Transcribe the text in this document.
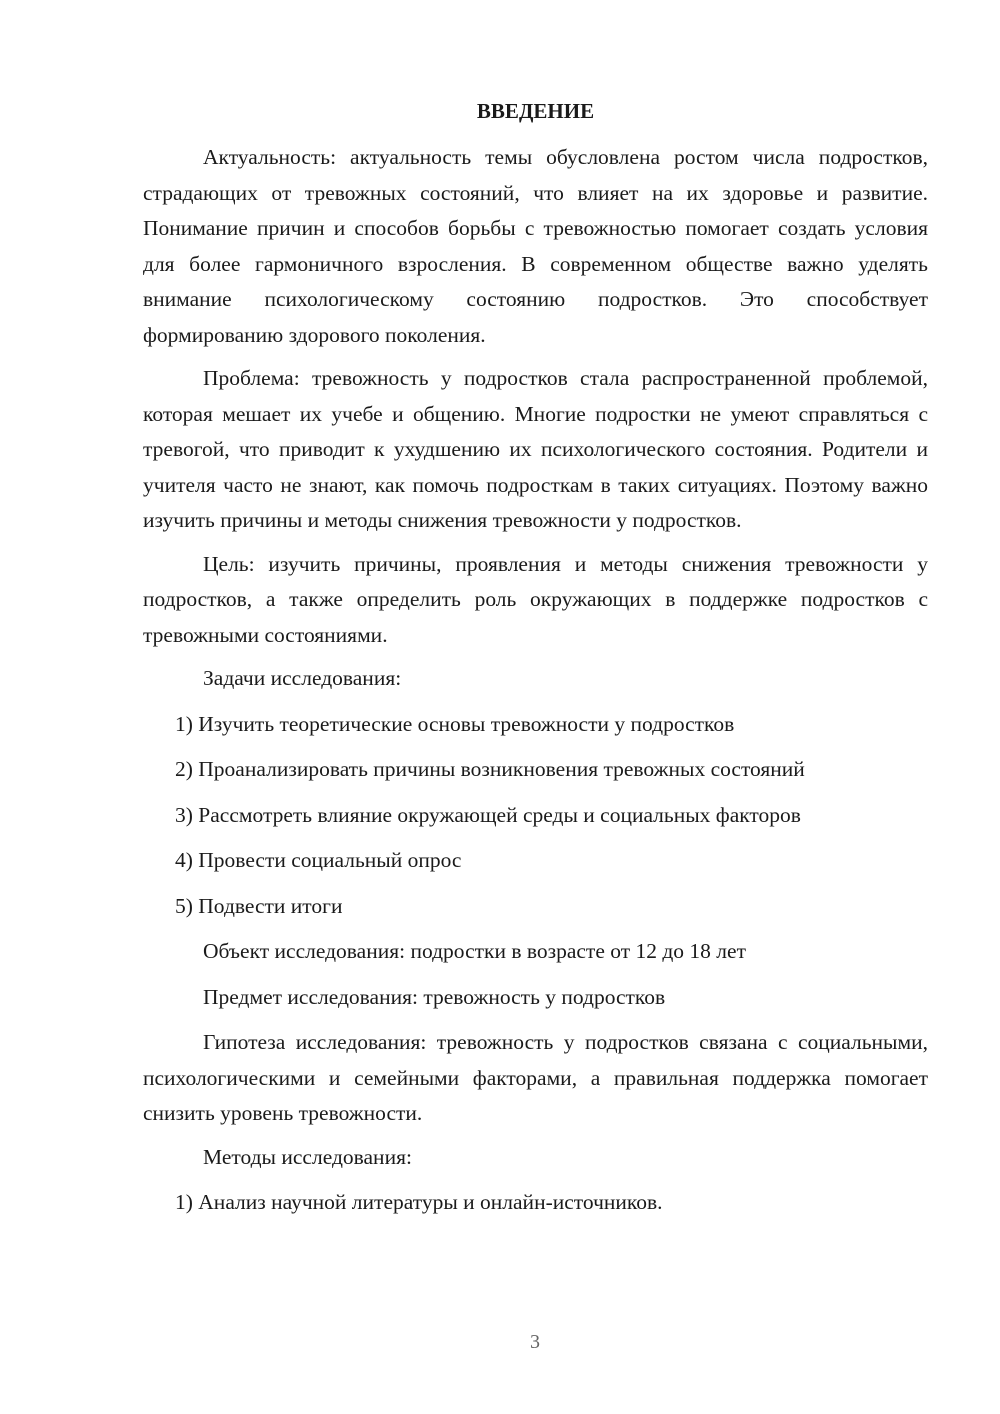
ВВЕДЕНИЕ

Актуальность: актуальность темы обусловлена ростом числа подростков, страдающих от тревожных состояний, что влияет на их здоровье и развитие. Понимание причин и способов борьбы с тревожностью помогает создать условия для более гармоничного взросления. В современном обществе важно уделять внимание психологическому состоянию подростков. Это способствует формированию здорового поколения.

Проблема: тревожность у подростков стала распространенной проблемой, которая мешает их учебе и общению. Многие подростки не умеют справляться с тревогой, что приводит к ухудшению их психологического состояния. Родители и учителя часто не знают, как помочь подросткам в таких ситуациях. Поэтому важно изучить причины и методы снижения тревожности у подростков.

Цель: изучить причины, проявления и методы снижения тревожности у подростков, а также определить роль окружающих в поддержке подростков с тревожными состояниями.

Задачи исследования:
1) Изучить теоретические основы тревожности у подростков
2) Проанализировать причины возникновения тревожных состояний
3) Рассмотреть влияние окружающей среды и социальных факторов
4) Провести социальный опрос
5) Подвести итоги
Объект исследования: подростки в возрасте от 12 до 18 лет
Предмет исследования: тревожность у подростков

Гипотеза исследования: тревожность у подростков связана с социальными, психологическими и семейными факторами, а правильная поддержка помогает снизить уровень тревожности.

Методы исследования:
1) Анализ научной литературы и онлайн-источников.
3
